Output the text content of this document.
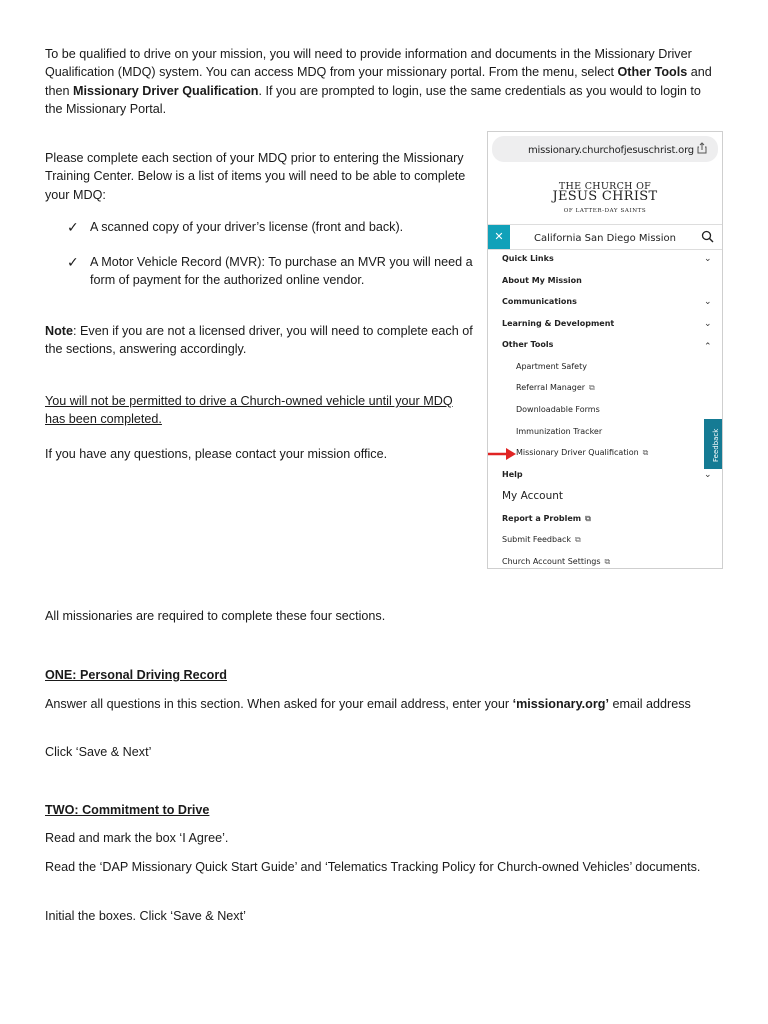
To be qualified to drive on your mission, you will need to provide information and documents in the Missionary Driver Qualification (MDQ) system. You can access MDQ from your missionary portal. From the menu, select Other Tools and then Missionary Driver Qualification. If you are prompted to login, use the same credentials as you would to login to the Missionary Portal.

Please complete each section of your MDQ prior to entering the Missionary Training Center. Below is a list of items you will need to be able to complete your MDQ:

✓ A scanned copy of your driver’s license (front and back).
✓ A Motor Vehicle Record (MVR): To purchase an MVR you will need a form of payment for the authorized online vendor.

Note: Even if you are not a licensed driver, you will need to complete each of the sections, answering accordingly.

You will not be permitted to drive a Church-owned vehicle until your MDQ has been completed.

If you have any questions, please contact your mission office.

missionary.churchofjesuschrist.org
THE CHURCH OF
JESUS CHRIST
OF LATTER-DAY SAINTS
✕	California San Diego Mission
Quick Links	⌄
About My Mission
Communications	⌄
Learning & Development	⌄
Other Tools	⌃
Apartment Safety
Referral Manager ⧉
Downloadable Forms
Immunization Tracker
Missionary Driver Qualification ⧉
Help	⌄
My Account
Report a Problem ⧉
Submit Feedback ⧉
Church Account Settings ⧉
Feedback

All missionaries are required to complete these four sections.

ONE: Personal Driving Record

Answer all questions in this section. When asked for your email address, enter your ‘missionary.org’ email address

Click ‘Save & Next’

TWO: Commitment to Drive

Read and mark the box ‘I Agree’.

Read the ‘DAP Missionary Quick Start Guide’ and ‘Telematics Tracking Policy for Church-owned Vehicles’ documents.

Initial the boxes. Click ‘Save & Next’
